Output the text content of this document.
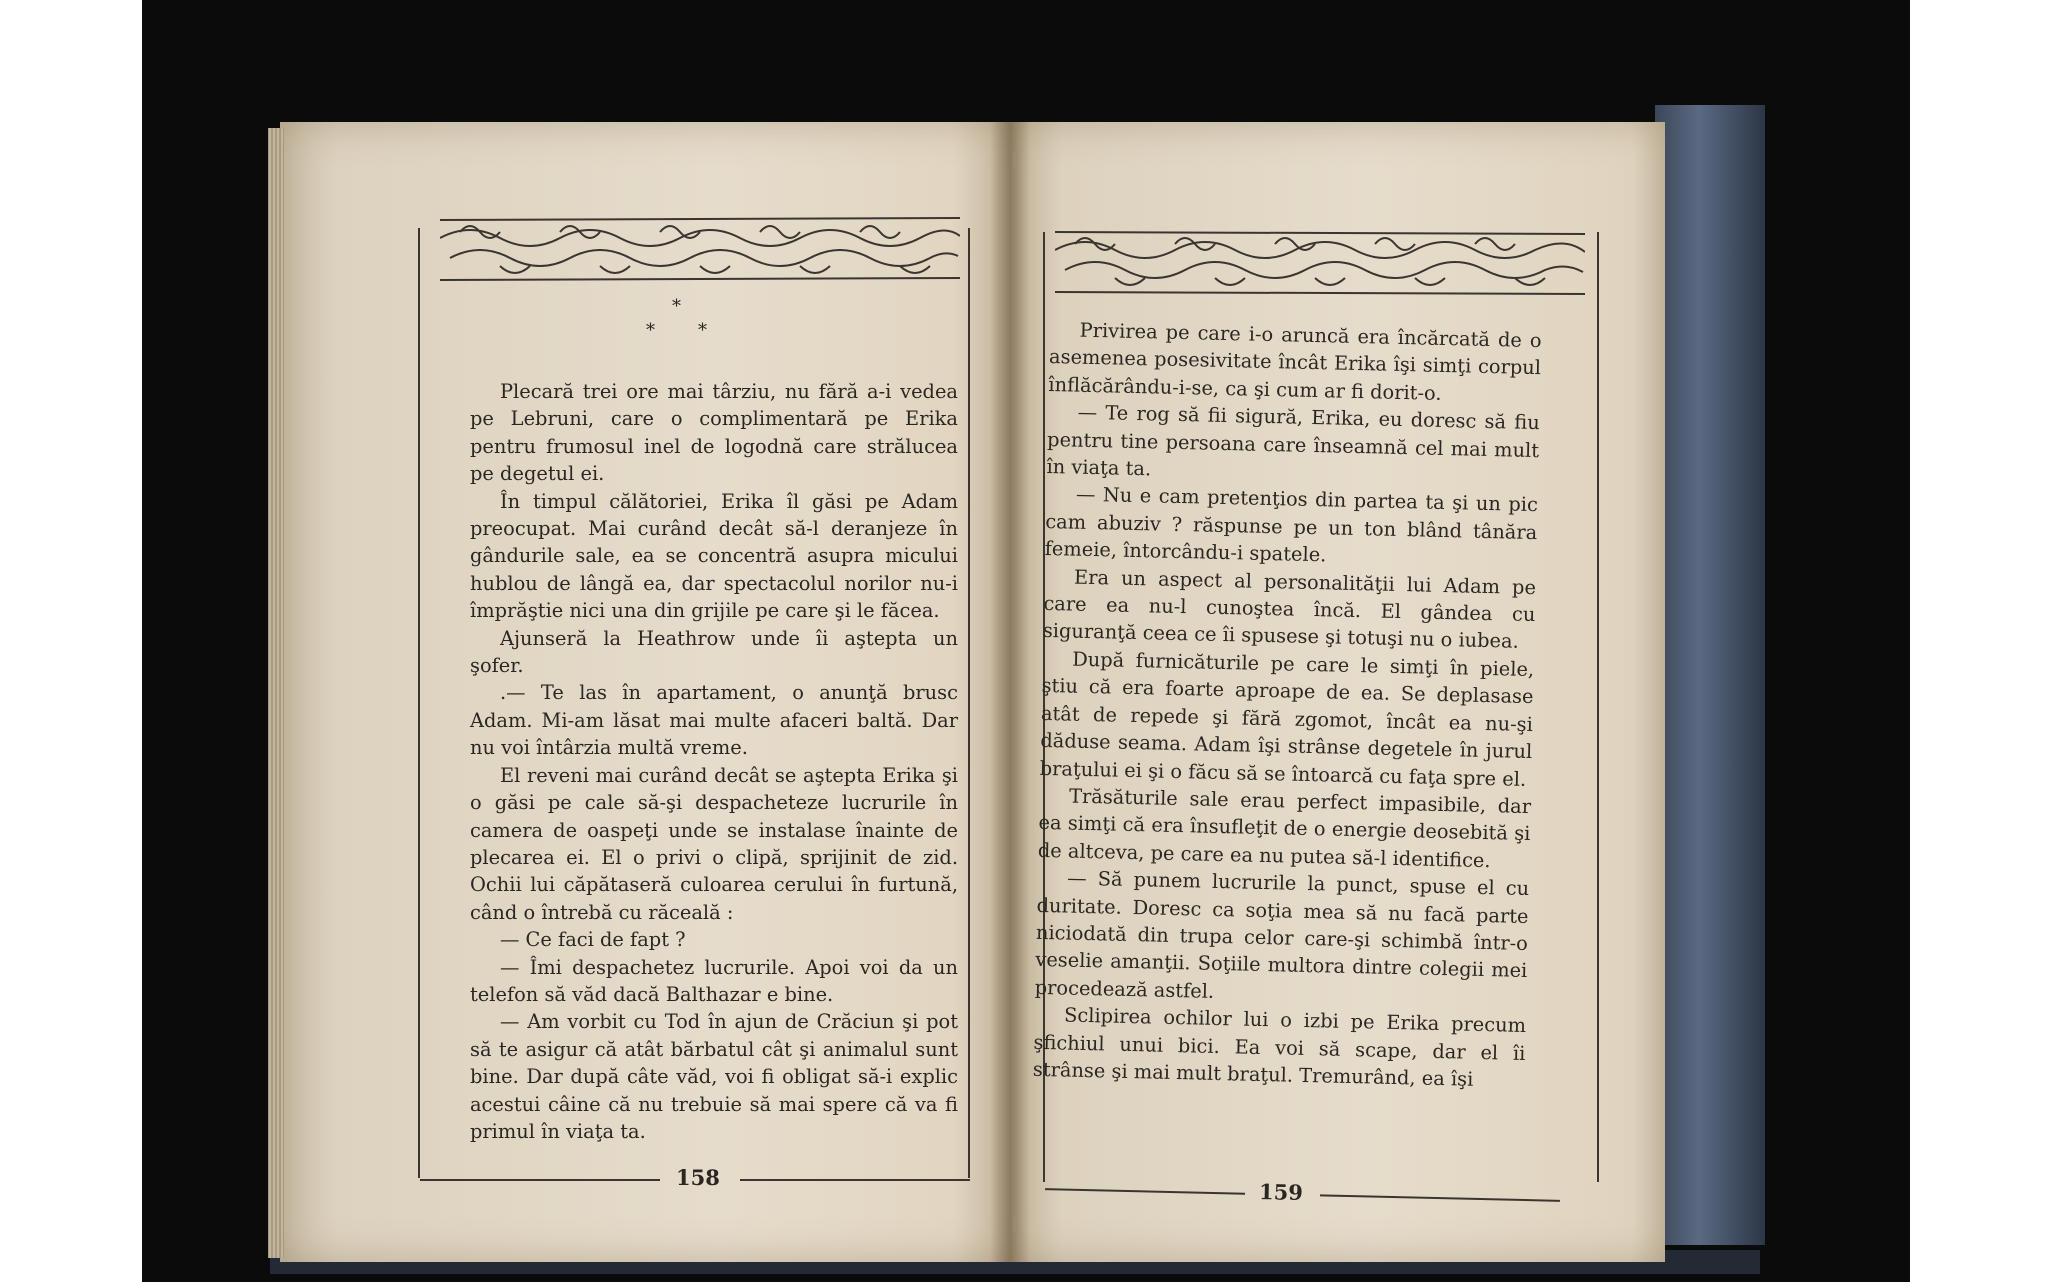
*
* *

Plecară trei ore mai târziu, nu fără a-i vedea pe Lebruni, care o complimentară pe Erika pentru frumosul inel de logodnă care strălucea pe degetul ei.

În timpul călătoriei, Erika îl găsi pe Adam preocupat. Mai curând decât să-l deranjeze în gândurile sale, ea se concentră asupra micului hublou de lângă ea, dar spectacolul norilor nu-i împrăştie nici una din grijile pe care şi le făcea.

Ajunseră la Heathrow unde îi aştepta un şofer.

.— Te las în apartament, o anunţă brusc Adam. Mi-am lăsat mai multe afaceri baltă. Dar nu voi întârzia multă vreme.

El reveni mai curând decât se aştepta Erika şi o găsi pe cale să-şi despacheteze lucrurile în camera de oaspeţi unde se instalase înainte de plecarea ei. El o privi o clipă, sprijinit de zid. Ochii lui căpătaseră culoarea cerului în furtună, când o întrebă cu răceală :

— Ce faci de fapt ?

— Îmi despachetez lucrurile. Apoi voi da un telefon să văd dacă Balthazar e bine.

— Am vorbit cu Tod în ajun de Crăciun şi pot să te asigur că atât bărbatul cât şi animalul sunt bine. Dar după câte văd, voi fi obligat să-i explic acestui câine că nu trebuie să mai spere că va fi primul în viaţa ta.

Privirea pe care i-o aruncă era încărcată de o asemenea posesivitate încât Erika îşi simţi corpul înflăcărându-i-se, ca şi cum ar fi dorit-o.

— Te rog să fii sigură, Erika, eu doresc să fiu pentru tine persoana care înseamnă cel mai mult în viaţa ta.

— Nu e cam pretenţios din partea ta şi un pic cam abuziv ? răspunse pe un ton blând tânăra femeie, întorcându-i spatele.

Era un aspect al personalităţii lui Adam pe care ea nu-l cunoştea încă. El gândea cu siguranţă ceea ce îi spusese şi totuşi nu o iubea.

După furnicăturile pe care le simţi în piele, ştiu că era foarte aproape de ea. Se deplasase atât de repede şi fără zgomot, încât ea nu-şi dăduse seama. Adam îşi strânse degetele în jurul braţului ei şi o făcu să se întoarcă cu faţa spre el.

Trăsăturile sale erau perfect impasibile, dar ea simţi că era însufleţit de o energie deosebită şi de altceva, pe care ea nu putea să-l identifice.

— Să punem lucrurile la punct, spuse el cu duritate. Doresc ca soţia mea să nu facă parte niciodată din trupa celor care-şi schimbă într-o veselie amanţii. Soţiile multora dintre colegii mei procedează astfel.

Sclipirea ochilor lui o izbi pe Erika precum şfichiul unui bici. Ea voi să scape, dar el îi strânse şi mai mult braţul. Tremurând, ea îşi

158
159
